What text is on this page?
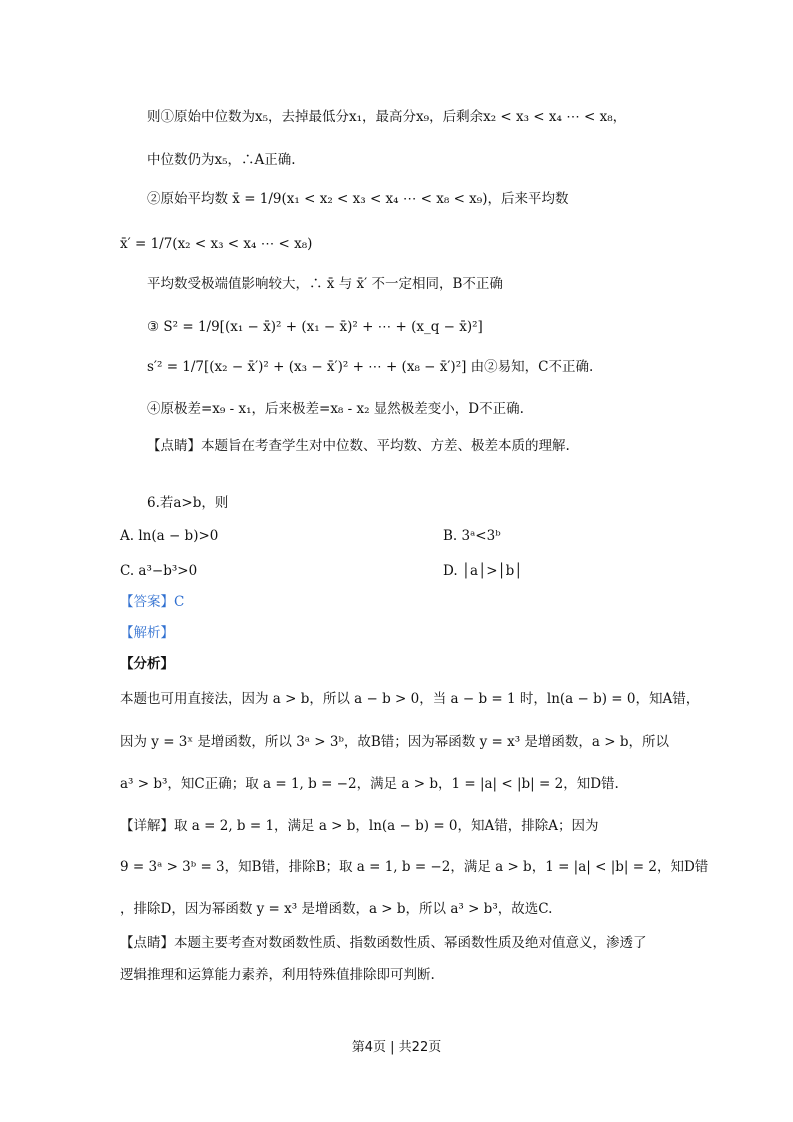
则①原始中位数为x₅，去掉最低分x₁，最高分x₉，后剩余x₂ < x₃ < x₄ ⋯ < x₈，
中位数仍为x₅，∴A正确.
②原始平均数 x̄ = 1/9(x₁ < x₂ < x₃ < x₄ ⋯ < x₈ < x₉)，后来平均数
x̄′ = 1/7(x₂ < x₃ < x₄ ⋯ < x₈)
平均数受极端值影响较大，∴ x̄ 与 x̄′ 不一定相同，B不正确
③ S² = 1/9[(x₁ − x̄)² + (x₁ − x̄)² + ⋯ + (x_q − x̄)²]
s′² = 1/7[(x₂ − x̄′)² + (x₃ − x̄′)² + ⋯ + (x₈ − x̄′)²] 由②易知，C不正确.
④原极差=x₉ - x₁，后来极差=x₈ - x₂ 显然极差变小，D不正确.
【点睛】本题旨在考查学生对中位数、平均数、方差、极差本质的理解.
6.若a>b，则
A. ln(a − b)>0	B. 3ᵃ<3ᵇ
C. a³−b³>0	D. │a│>│b│
【答案】C
【解析】
【分析】
本题也可用直接法，因为 a > b，所以 a − b > 0，当 a − b = 1 时，ln(a − b) = 0，知A错，
因为 y = 3ˣ 是增函数，所以 3ᵃ > 3ᵇ，故B错；因为幂函数 y = x³ 是增函数，a > b，所以
a³ > b³，知C正确；取 a = 1, b = −2，满足 a > b，1 = |a| < |b| = 2，知D错.
【详解】取 a = 2, b = 1，满足 a > b，ln(a − b) = 0，知A错，排除A；因为
9 = 3ᵃ > 3ᵇ = 3，知B错，排除B；取 a = 1, b = −2，满足 a > b，1 = |a| < |b| = 2，知D错
，排除D，因为幂函数 y = x³ 是增函数，a > b，所以 a³ > b³，故选C.
【点睛】本题主要考查对数函数性质、指数函数性质、幂函数性质及绝对值意义，渗透了
逻辑推理和运算能力素养，利用特殊值排除即可判断.
第4页 | 共22页
